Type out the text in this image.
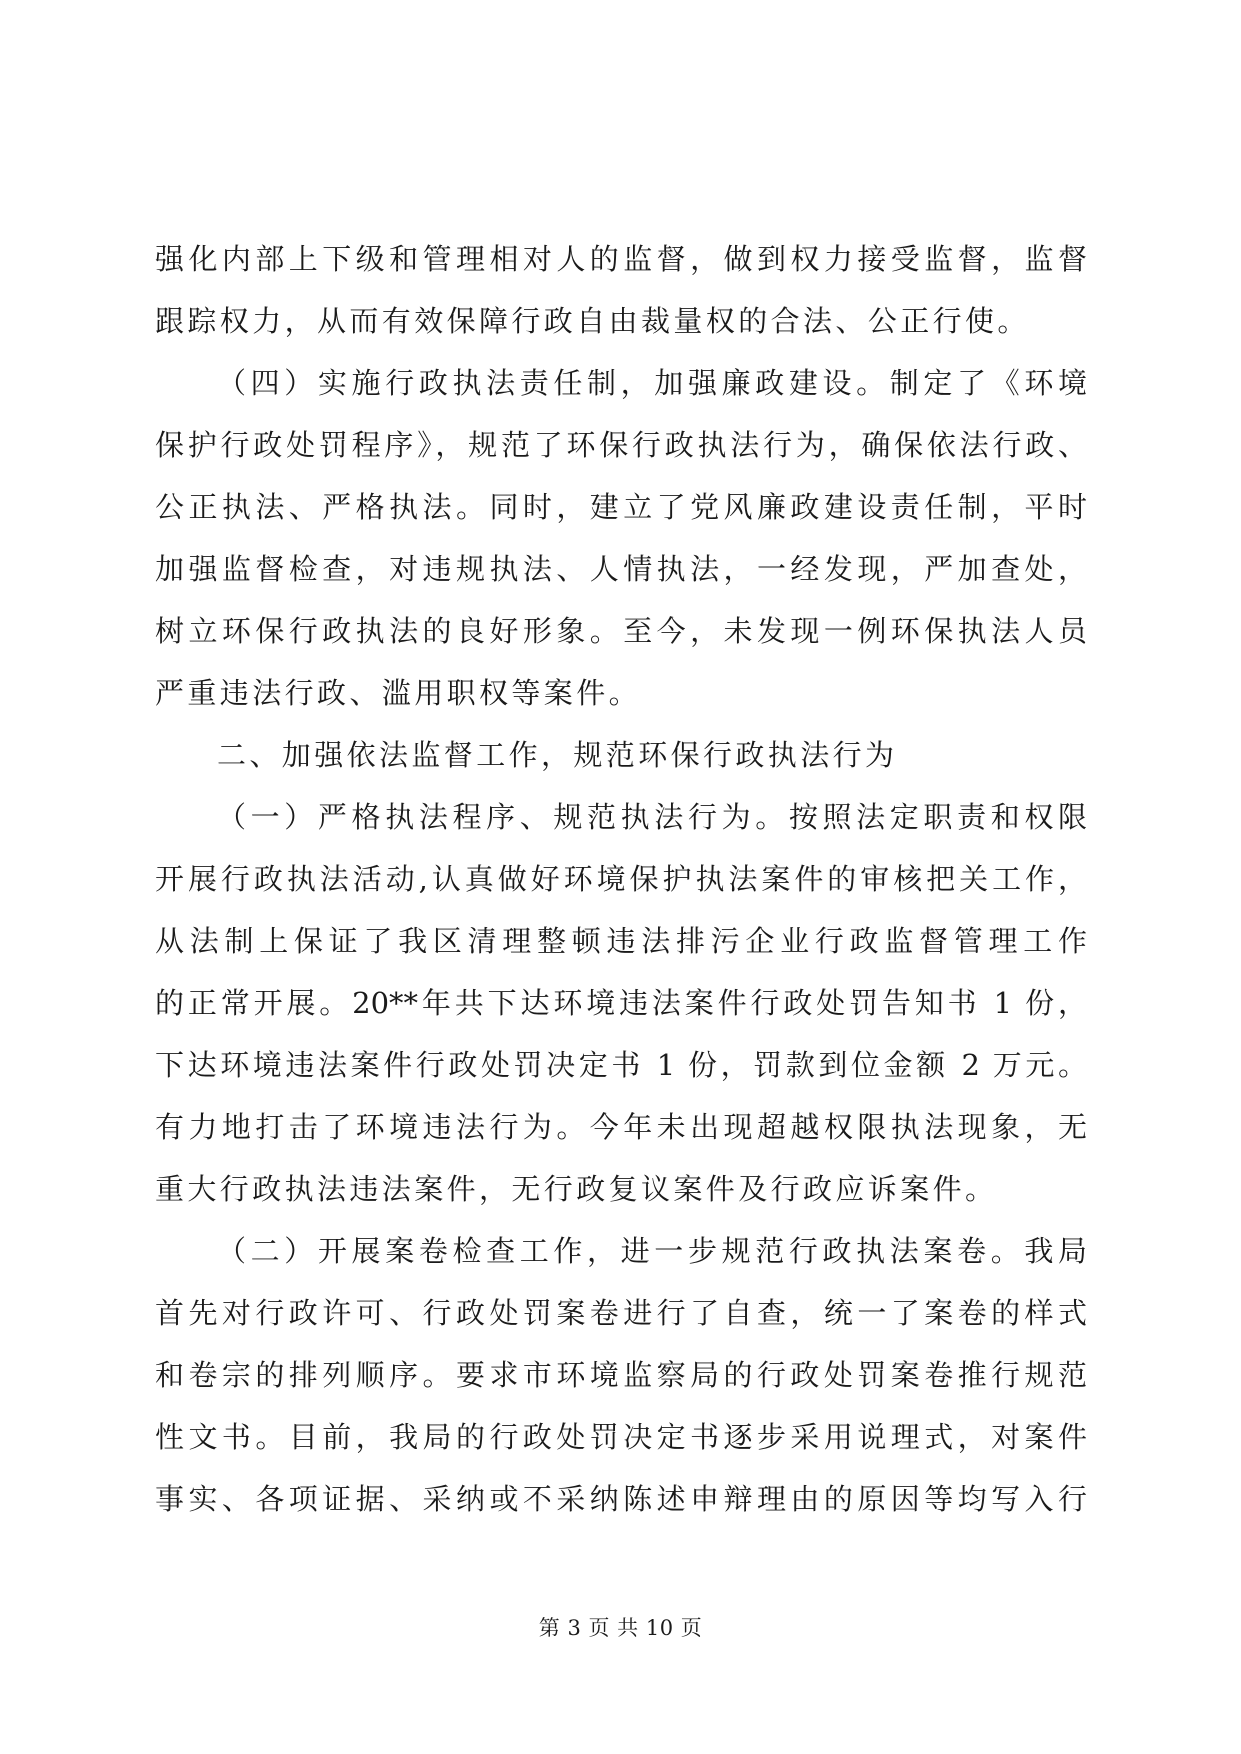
强化内部上下级和管理相对人的监督，做到权力接受监督，监督
跟踪权力，从而有效保障行政自由裁量权的合法、公正行使。
（四）实施行政执法责任制，加强廉政建设。制定了《环境
保护行政处罚程序》，规范了环保行政执法行为，确保依法行政、
公正执法、严格执法。同时，建立了党风廉政建设责任制，平时
加强监督检查，对违规执法、人情执法，一经发现，严加查处，
树立环保行政执法的良好形象。至今，未发现一例环保执法人员
严重违法行政、滥用职权等案件。
二、加强依法监督工作，规范环保行政执法行为
（一）严格执法程序、规范执法行为。按照法定职责和权限
开展行政执法活动,认真做好环境保护执法案件的审核把关工作，
从法制上保证了我区清理整顿违法排污企业行政监督管理工作
的正常开展。20**年共下达环境违法案件行政处罚告知书 1 份，
下达环境违法案件行政处罚决定书 1 份，罚款到位金额 2 万元。
有力地打击了环境违法行为。今年未出现超越权限执法现象，无
重大行政执法违法案件，无行政复议案件及行政应诉案件。
（二）开展案卷检查工作，进一步规范行政执法案卷。我局
首先对行政许可、行政处罚案卷进行了自查，统一了案卷的样式
和卷宗的排列顺序。要求市环境监察局的行政处罚案卷推行规范
性文书。目前，我局的行政处罚决定书逐步采用说理式，对案件
事实、各项证据、采纳或不采纳陈述申辩理由的原因等均写入行
第 3 页 共 10 页
